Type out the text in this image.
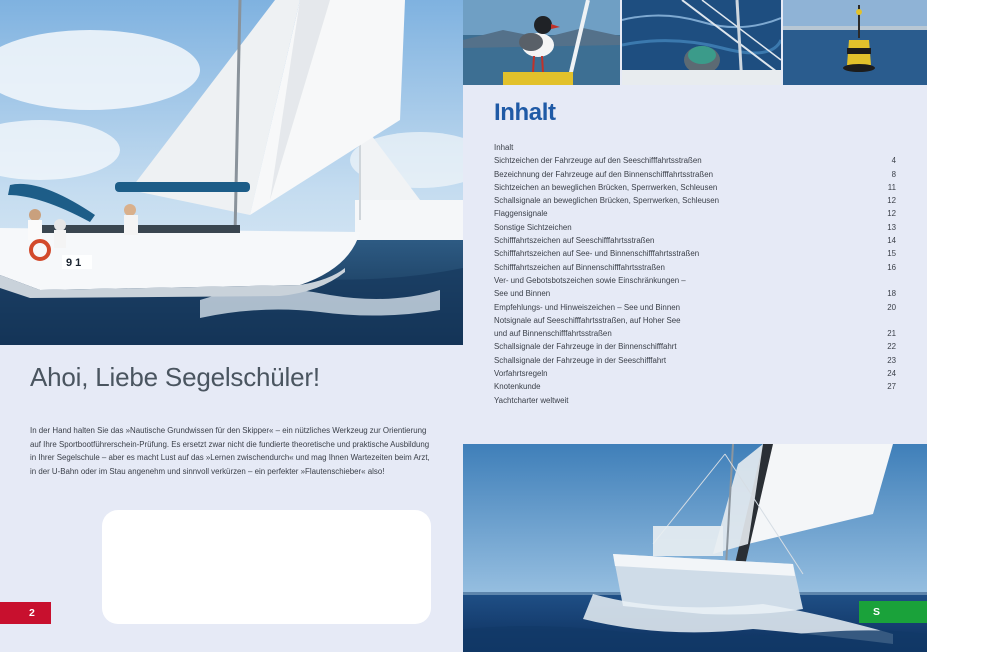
9 1
Ahoi, Liebe Segelschüler!

In der Hand halten Sie das »Nautische Grundwissen für den Skipper« – ein nützliches Werkzeug zur Orientierung auf Ihre Sportbootführerschein-Prüfung. Es ersetzt zwar nicht die fundierte theoretische und praktische Ausbildung in Ihrer Segelschule – aber es macht Lust auf das »Lernen zwischendurch« und mag Ihnen Wartezeiten beim Arzt, in der U-Bahn oder im Stau angenehm und sinnvoll verkürzen – ein perfekter »Flautenschieber« also!

2
Inhalt
Inhalt
Sichtzeichen der Fahrzeuge auf den Seeschifffahrtsstraßen	4
Bezeichnung der Fahrzeuge auf den Binnenschifffahrtsstraßen	8
Sichtzeichen an beweglichen Brücken, Sperrwerken, Schleusen	11
Schallsignale an beweglichen Brücken, Sperrwerken, Schleusen	12
Flaggensignale	12
Sonstige Sichtzeichen	13
Schifffahrtszeichen auf Seeschifffahrtsstraßen	14
Schifffahrtszeichen auf See- und Binnenschifffahrtsstraßen	15
Schifffahrtszeichen auf Binnenschifffahrtsstraßen	16
Ver- und Gebotsbotszeichen sowie Einschränkungen –
See und Binnen	18
Empfehlungs- und Hinweiszeichen – See und Binnen	20
Notsignale auf Seeschifffahrtsstraßen, auf Hoher See
und auf Binnenschifffahrtsstraßen	21
Schallsignale der Fahrzeuge in der Binnenschifffahrt	22
Schallsignale der Fahrzeuge in der Seeschifffahrt	23
Vorfahrtsregeln	24
Knotenkunde	27
Yachtcharter weltweit
S
